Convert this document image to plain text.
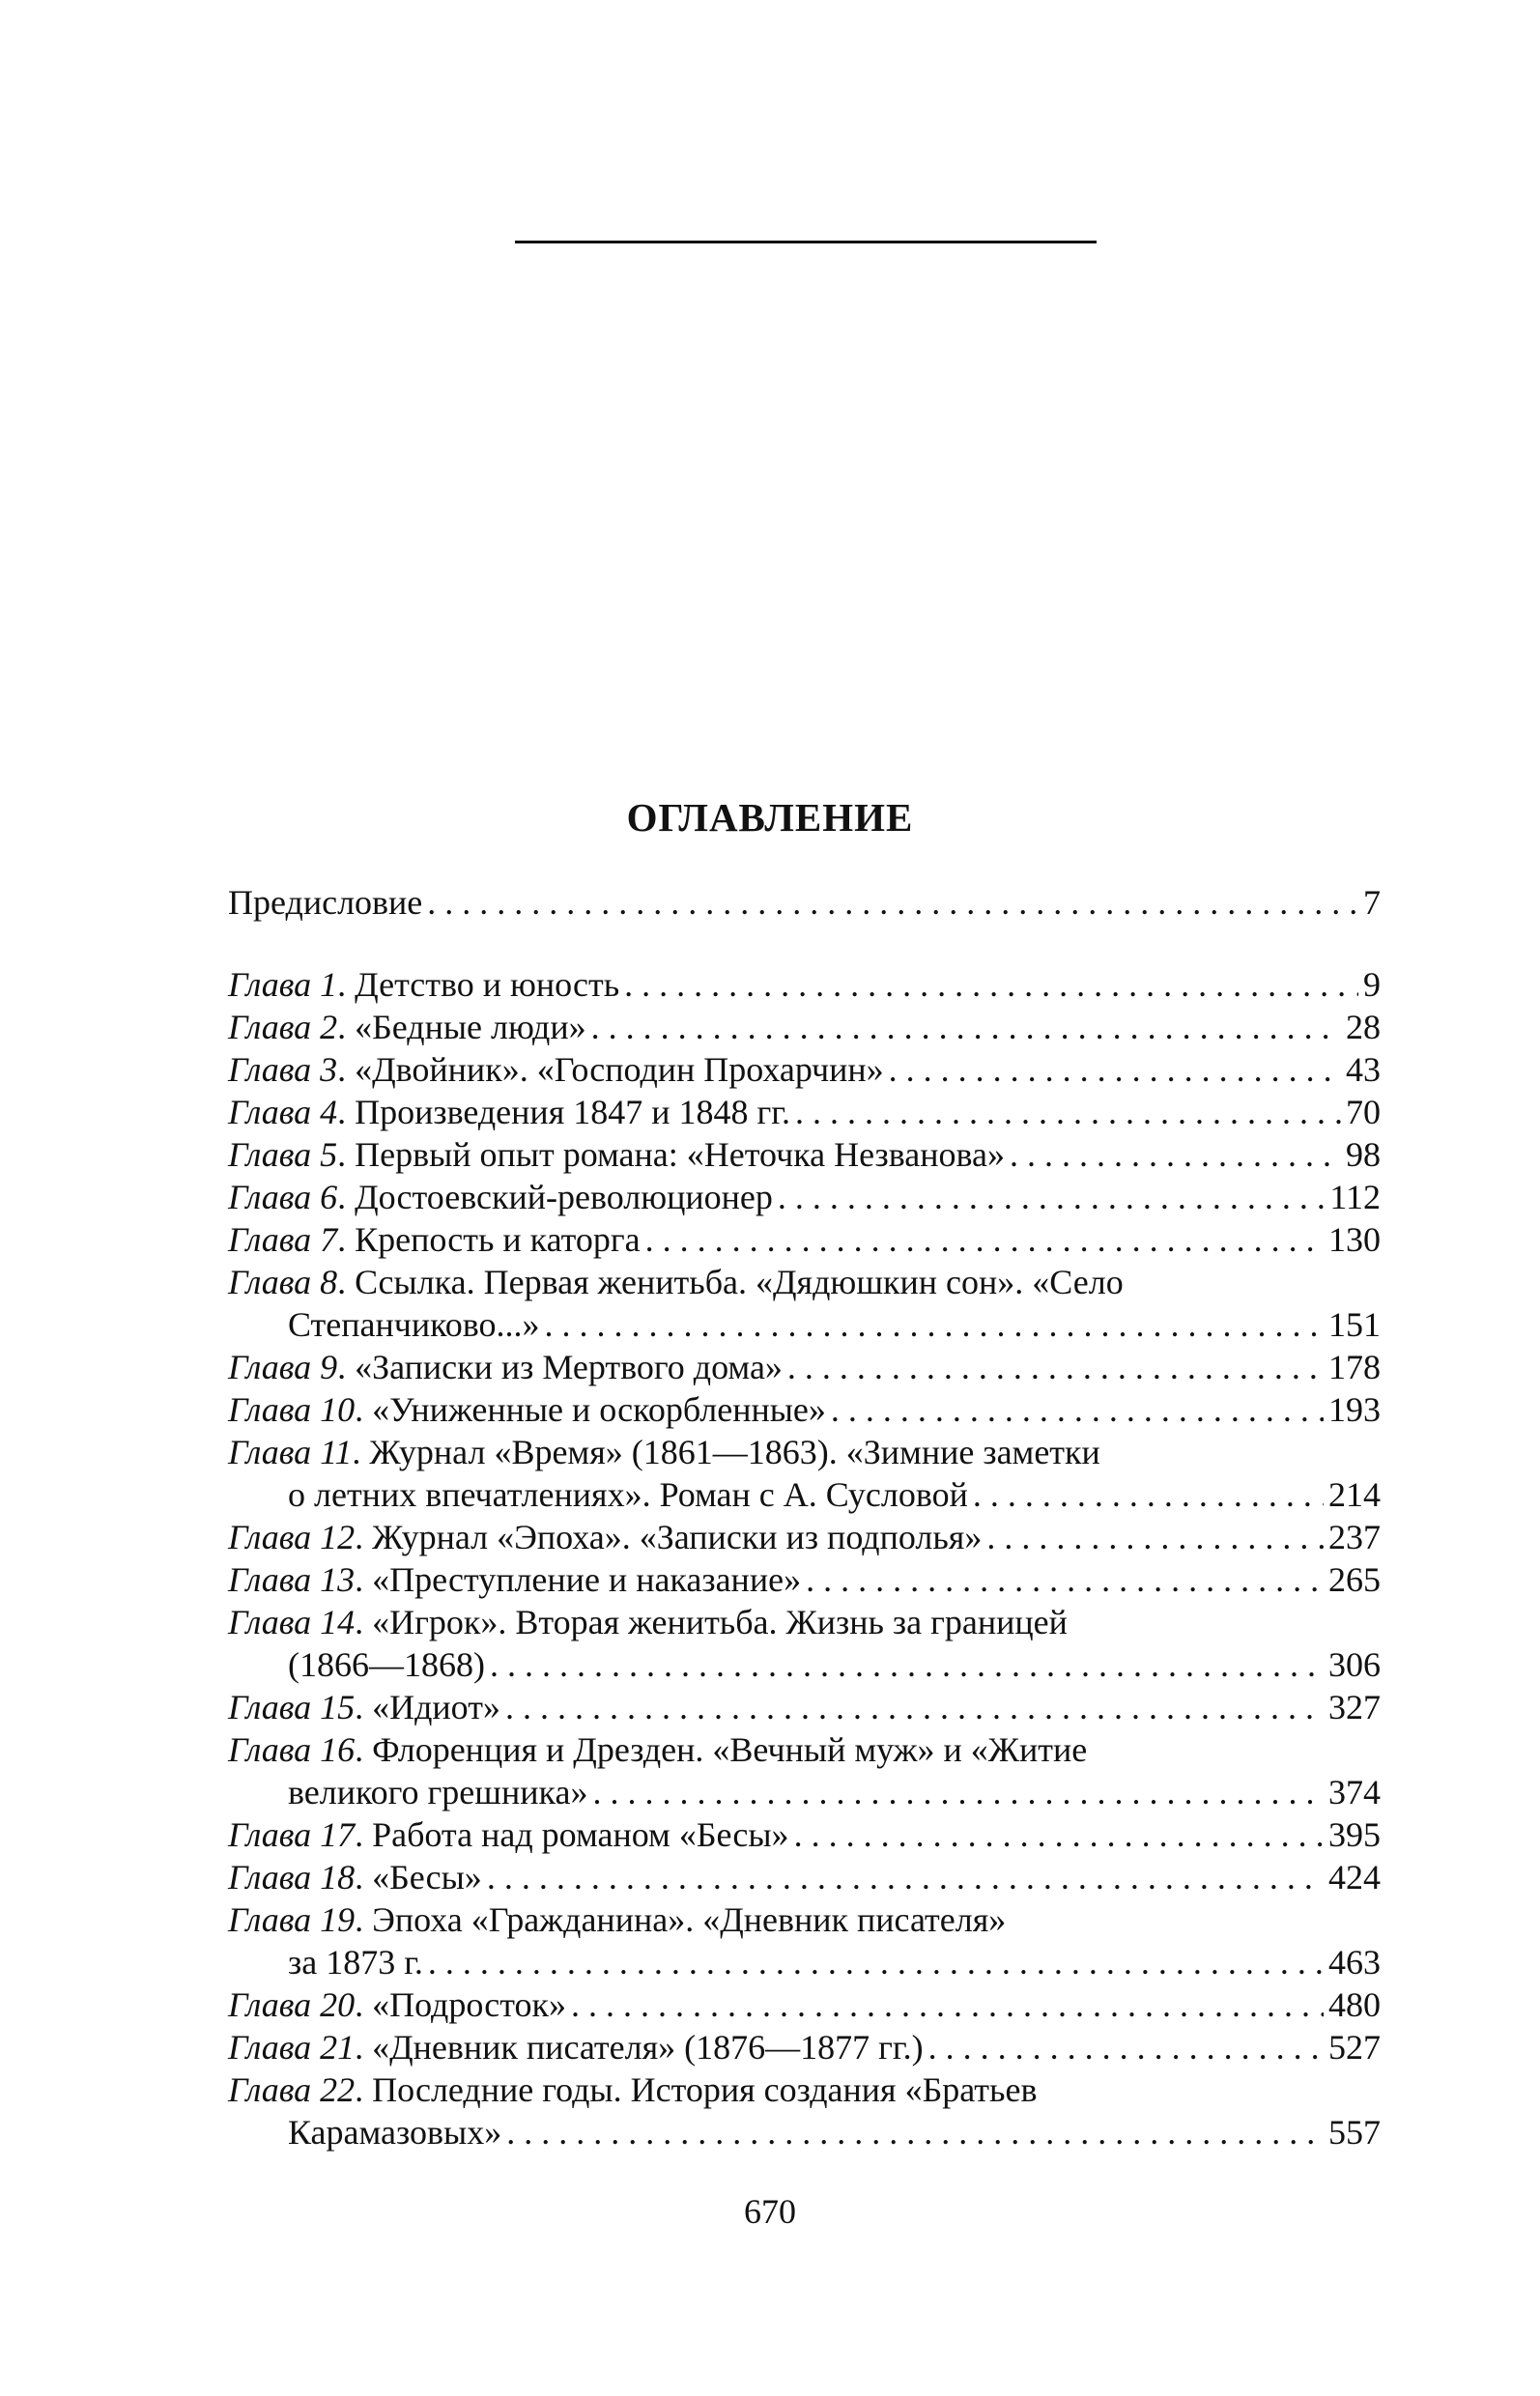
ОГЛАВЛЕНИЕ
Предисловие . . .	7
Глава 1 . Детство и юность . . .	9
Глава 2 . «Бедные люди» . . .	28
Глава 3 . «Двойник». «Господин Прохарчин» . . .	43
Глава 4 . Произведения 1847 и 1848 гг. . . .	70
Глава 5 . Первый опыт романа: «Неточка Незванова» . . .	98
Глава 6 . Достоевский-революционер . . .	112
Глава 7 . Крепость и каторга . . .	130
Глава 8 . Ссылка. Первая женитьба. «Дядюшкин сон». «Село
Степанчиково...» . . .	151
Глава 9 . «Записки из Мертвого дома» . . .	178
Глава 10 . «Униженные и оскорбленные» . . .	193
Глава 11 . Журнал «Время» (1861—1863). «Зимние заметки
о летних впечатлениях». Роман с А. Сусловой . . .	214
Глава 12 . Журнал «Эпоха». «Записки из подполья» . . .	237
Глава 13 . «Преступление и наказание» . . .	265
Глава 14 . «Игрок». Вторая женитьба. Жизнь за границей
(1866—1868) . . .	306
Глава 15 . «Идиот» . . .	327
Глава 16 . Флоренция и Дрезден. «Вечный муж» и «Житие
великого грешника» . . .	374
Глава 17 . Работа над романом «Бесы» . . .	395
Глава 18 . «Бесы» . . .	424
Глава 19 . Эпоха «Гражданина». «Дневник писателя»
за 1873 г. . . .	463
Глава 20 . «Подросток» . . .	480
Глава 21 . «Дневник писателя» (1876—1877 гг.) . . .	527
Глава 22 . Последние годы. История создания «Братьев
Карамазовых» . . .	557
670
